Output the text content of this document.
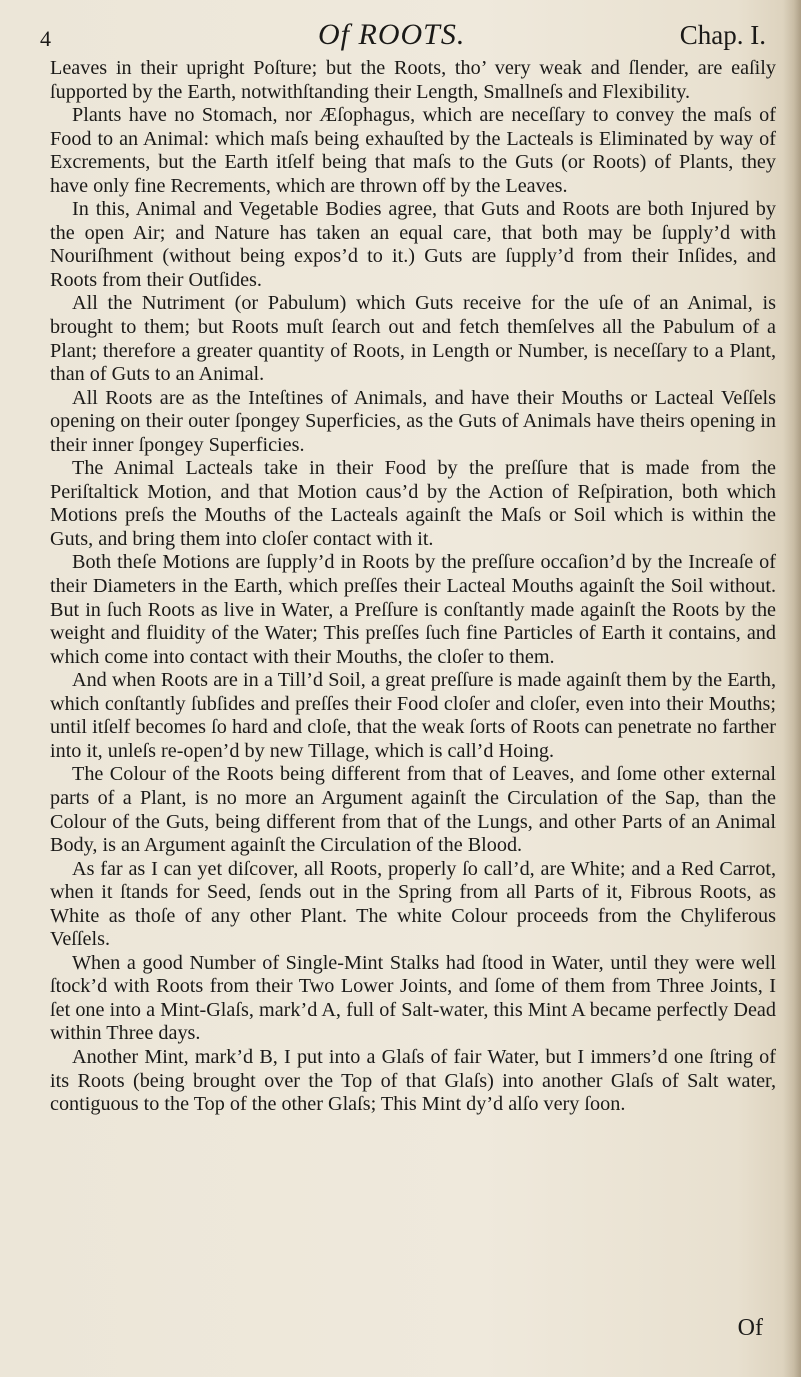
4	Of ROOTS.	Chap. I.

Leaves in their upright Poſture; but the Roots, tho’ very weak and ſlender, are eaſily ſupported by the Earth, notwithſtanding their Length, Smallneſs and Flexibility.

Plants have no Stomach, nor Æſophagus, which are neceſſary to convey the maſs of Food to an Animal: which maſs being exhauſted by the Lacteals is Eliminated by way of Excrements, but the Earth itſelf being that maſs to the Guts (or Roots) of Plants, they have only fine Recrements, which are thrown off by the Leaves.

In this, Animal and Vegetable Bodies agree, that Guts and Roots are both Injured by the open Air; and Nature has taken an equal care, that both may be ſupply’d with Nouriſhment (without being expos’d to it.) Guts are ſupply’d from their Inſides, and Roots from their Outſides.

All the Nutriment (or Pabulum) which Guts receive for the uſe of an Animal, is brought to them; but Roots muſt ſearch out and fetch themſelves all the Pabulum of a Plant; therefore a greater quantity of Roots, in Length or Number, is neceſſary to a Plant, than of Guts to an Animal.

All Roots are as the Inteſtines of Animals, and have their Mouths or Lacteal Veſſels opening on their outer ſpongey Superficies, as the Guts of Animals have theirs opening in their inner ſpongey Superficies.

The Animal Lacteals take in their Food by the preſſure that is made from the Periſtaltick Motion, and that Motion caus’d by the Action of Reſpiration, both which Motions preſs the Mouths of the Lacteals againſt the Maſs or Soil which is within the Guts, and bring them into cloſer contact with it.

Both theſe Motions are ſupply’d in Roots by the preſſure occaſion’d by the Increaſe of their Diameters in the Earth, which preſſes their Lacteal Mouths againſt the Soil without. But in ſuch Roots as live in Water, a Preſſure is conſtantly made againſt the Roots by the weight and fluidity of the Water; This preſſes ſuch fine Particles of Earth it contains, and which come into contact with their Mouths, the cloſer to them.

And when Roots are in a Till’d Soil, a great preſſure is made againſt them by the Earth, which conſtantly ſubſides and preſſes their Food cloſer and cloſer, even into their Mouths; until itſelf becomes ſo hard and cloſe, that the weak ſorts of Roots can penetrate no farther into it, unleſs re-open’d by new Tillage, which is call’d Hoing.

The Colour of the Roots being different from that of Leaves, and ſome other external parts of a Plant, is no more an Argument againſt the Circulation of the Sap, than the Colour of the Guts, being different from that of the Lungs, and other Parts of an Animal Body, is an Argument againſt the Circulation of the Blood.

As far as I can yet diſcover, all Roots, properly ſo call’d, are White; and a Red Carrot, when it ſtands for Seed, ſends out in the Spring from all Parts of it, Fibrous Roots, as White as thoſe of any other Plant. The white Colour proceeds from the Chyliferous Veſſels.

When a good Number of Single-Mint Stalks had ſtood in Water, until they were well ſtock’d with Roots from their Two Lower Joints, and ſome of them from Three Joints, I ſet one into a Mint-Glaſs, mark’d A, full of Salt-water, this Mint A became perfectly Dead within Three days.

Another Mint, mark’d B, I put into a Glaſs of fair Water, but I immers’d one ſtring of its Roots (being brought over the Top of that Glaſs) into another Glaſs of Salt water, contiguous to the Top of the other Glaſs; This Mint dy’d alſo very ſoon.

Of
